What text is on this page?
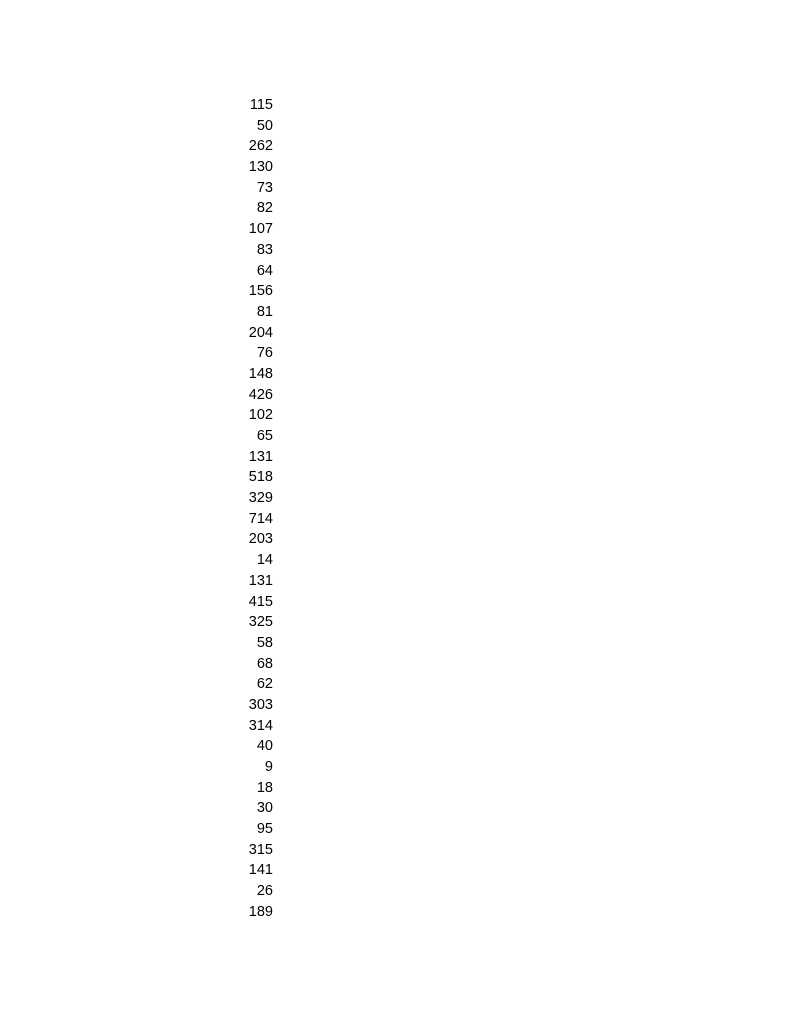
115
50
262
130
73
82
107
83
64
156
81
204
76
148
426
102
65
131
518
329
714
203
14
131
415
325
58
68
62
303
314
40
9
18
30
95
315
141
26
189
